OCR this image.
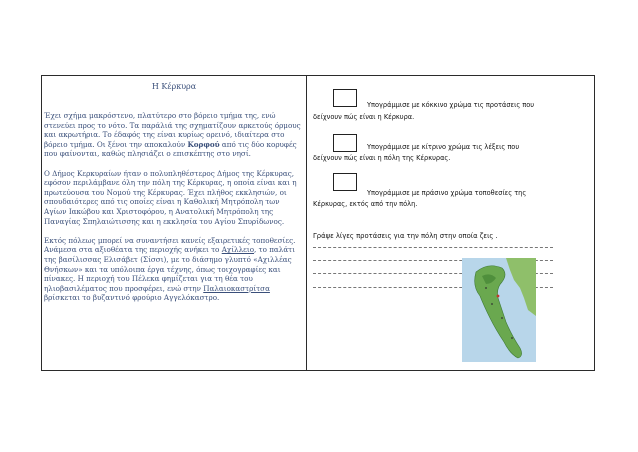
Η Κέρκυρα

Έχει σχήμα μακρόστενο, πλατύτερο στο βόρειο τμήμα της, ενώ στενεύει προς το νότο. Τα παράλιά της σχηματίζουν αρκετούς όρμους και ακρωτήρια. Το έδαφός της είναι κυρίως ορεινό, ιδιαίτερα στο βόρειο τμήμα. Οι ξένοι την αποκαλούν Κορφού από τις δύο κορυφές που φαίνονται, καθώς πλησιάζει ο επισκέπτης στο νησί.

Ο Δήμος Κερκυραίων ήταν ο πολυπληθέστερος Δήμος της Κέρκυρας, εφόσον περιλάμβανε όλη την πόλη της Κέρκυρας, η οποία είναι και η πρωτεύουσα του Νομού της Κέρκυρας. Έχει πλήθος εκκλησιών, οι σπουδαιότερες από τις οποίες είναι η Καθολική Μητρόπολη των Αγίων Ιακώβου και Χριστοφόρου, η Ανατολική Μητρόπολη της Παναγίας Σπηλαιώτισσης και η εκκλησία του Αγίου Σπυρίδωνος.

Εκτός πόλεως μπορεί να συναντήσει κανείς εξαιρετικές τοποθεσίες. Ανάμεσα στα αξιοθέατα της περιοχής ανήκει το Αχίλλειο, το παλάτι της βασίλισσας Ελισάβετ (Σίσσι), με το διάσημο γλυπτό «Αχιλλέας Θνήσκων» και τα υπόλοιπα έργα τέχνης, όπως τοιχογραφίες και πίνακες. Η περιοχή του Πέλεκα φημίζεται για τη θέα του ηλιοβασιλέματος που προσφέρει, ενώ στην Παλαιοκαστρίτσα βρίσκεται το βυζαντινό φρούριο Αγγελόκαστρο.

Υπογράμμισε με κόκκινο χρώμα τις προτάσεις που
δείχνουν πώς είναι η Κέρκυρα.
Υπογράμμισε με κίτρινο χρώμα τις λέξεις που
δείχνουν πώς είναι η πόλη της Κέρκυρας.
Υπογράμμισε με πράσινο χρώμα τοποθεσίες της
Κέρκυρας, εκτός από την πόλη.
Γράψε λίγες προτάσεις για την πόλη στην οποία ζεις .
